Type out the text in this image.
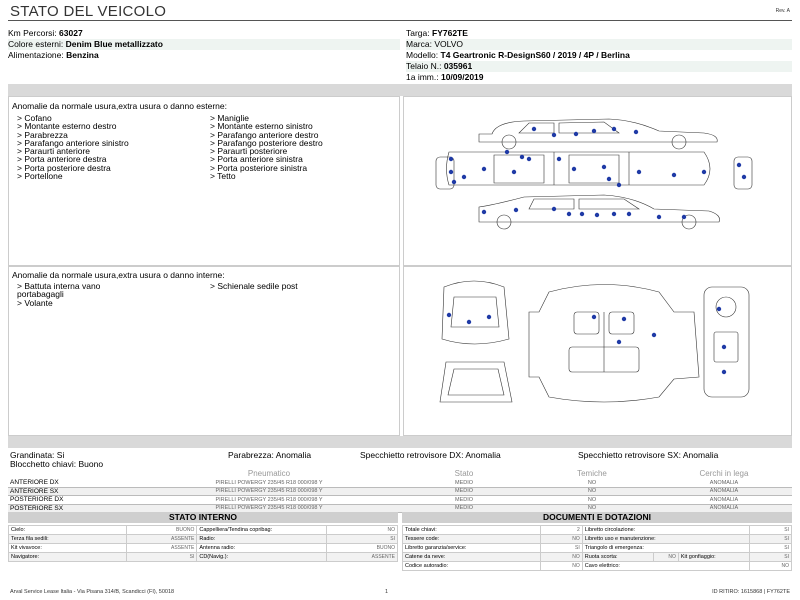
STATO DEL VEICOLO	Rev. A
Km Percorsi: 63027
Colore esterni: Denim Blue metallizzato
Alimentazione: Benzina
Targa: FY762TE
Marca: VOLVO
Modello: T4 Geartronic R-DesignS60 / 2019 / 4P / Berlina
Telaio N.: 035961
1a imm.: 10/09/2019
Anomalie da normale usura,extra usura o danno esterne:
> Cofano
> Montante esterno destro
> Parabrezza
> Parafango anteriore sinistro
> Paraurti anteriore
> Porta anteriore destra
> Porta posteriore destra
> Portellone
> Maniglie
> Montante esterno sinistro
> Parafango anteriore destro
> Parafango posteriore destro
> Paraurti posteriore
> Porta anteriore sinistra
> Porta posteriore sinistra
> Tetto
Anomalie da normale usura,extra usura o danno interne:
> Battuta interna vano
portabagagli
> Volante
> Schienale sedile post
Grandinata: Si	Parabrezza: Anomalia	Specchietto retrovisore DX: Anomalia	Specchietto retrovisore SX: Anomalia
Blocchetto chiavi: Buono
	Pneumatico	Stato	Temiche	Cerchi in lega
ANTERIORE DX	PIRELLI POWERGY 235/45 R18 000/098 Y	MEDIO	NO	ANOMALIA
ANTERIORE SX	PIRELLI POWERGY 235/45 R18 000/098 Y	MEDIO	NO	ANOMALIA
POSTERIORE DX	PIRELLI POWERGY 235/45 R18 000/098 Y	MEDIO	NO	ANOMALIA
POSTERIORE SX	PIRELLI POWERGY 235/45 R18 000/098 Y	MEDIO	NO	ANOMALIA
STATO INTERNO
Cielo:	BUONO	Cappelliera/Tendina copribag:	NO
Terza fila sedili:	ASSENTE	Radio:	SI
Kit vivavoce:	ASSENTE	Antenna radio:	BUONO
Navigatore:	SI	CD(Navig.):	ASSENTE
DOCUMENTI E DOTAZIONI
Totale chiavi:	2	Libretto circolazione:			SI
Tessere code:	NO	Libretto uso e manutenzione:			SI
Libretto garanzia/service:	SI	Triangolo di emergenza:			SI
Catene da neve:	NO	Ruota scorta:	NO	Kit gonfiaggio:	SI
Codice autoradio:	NO	Cavo elettrico:			NO
Arval Service Lease Italia - Via Pisana 314/B, Scandicci (FI), 50018	1	ID RITIRO: 1615868 | FY762TE
